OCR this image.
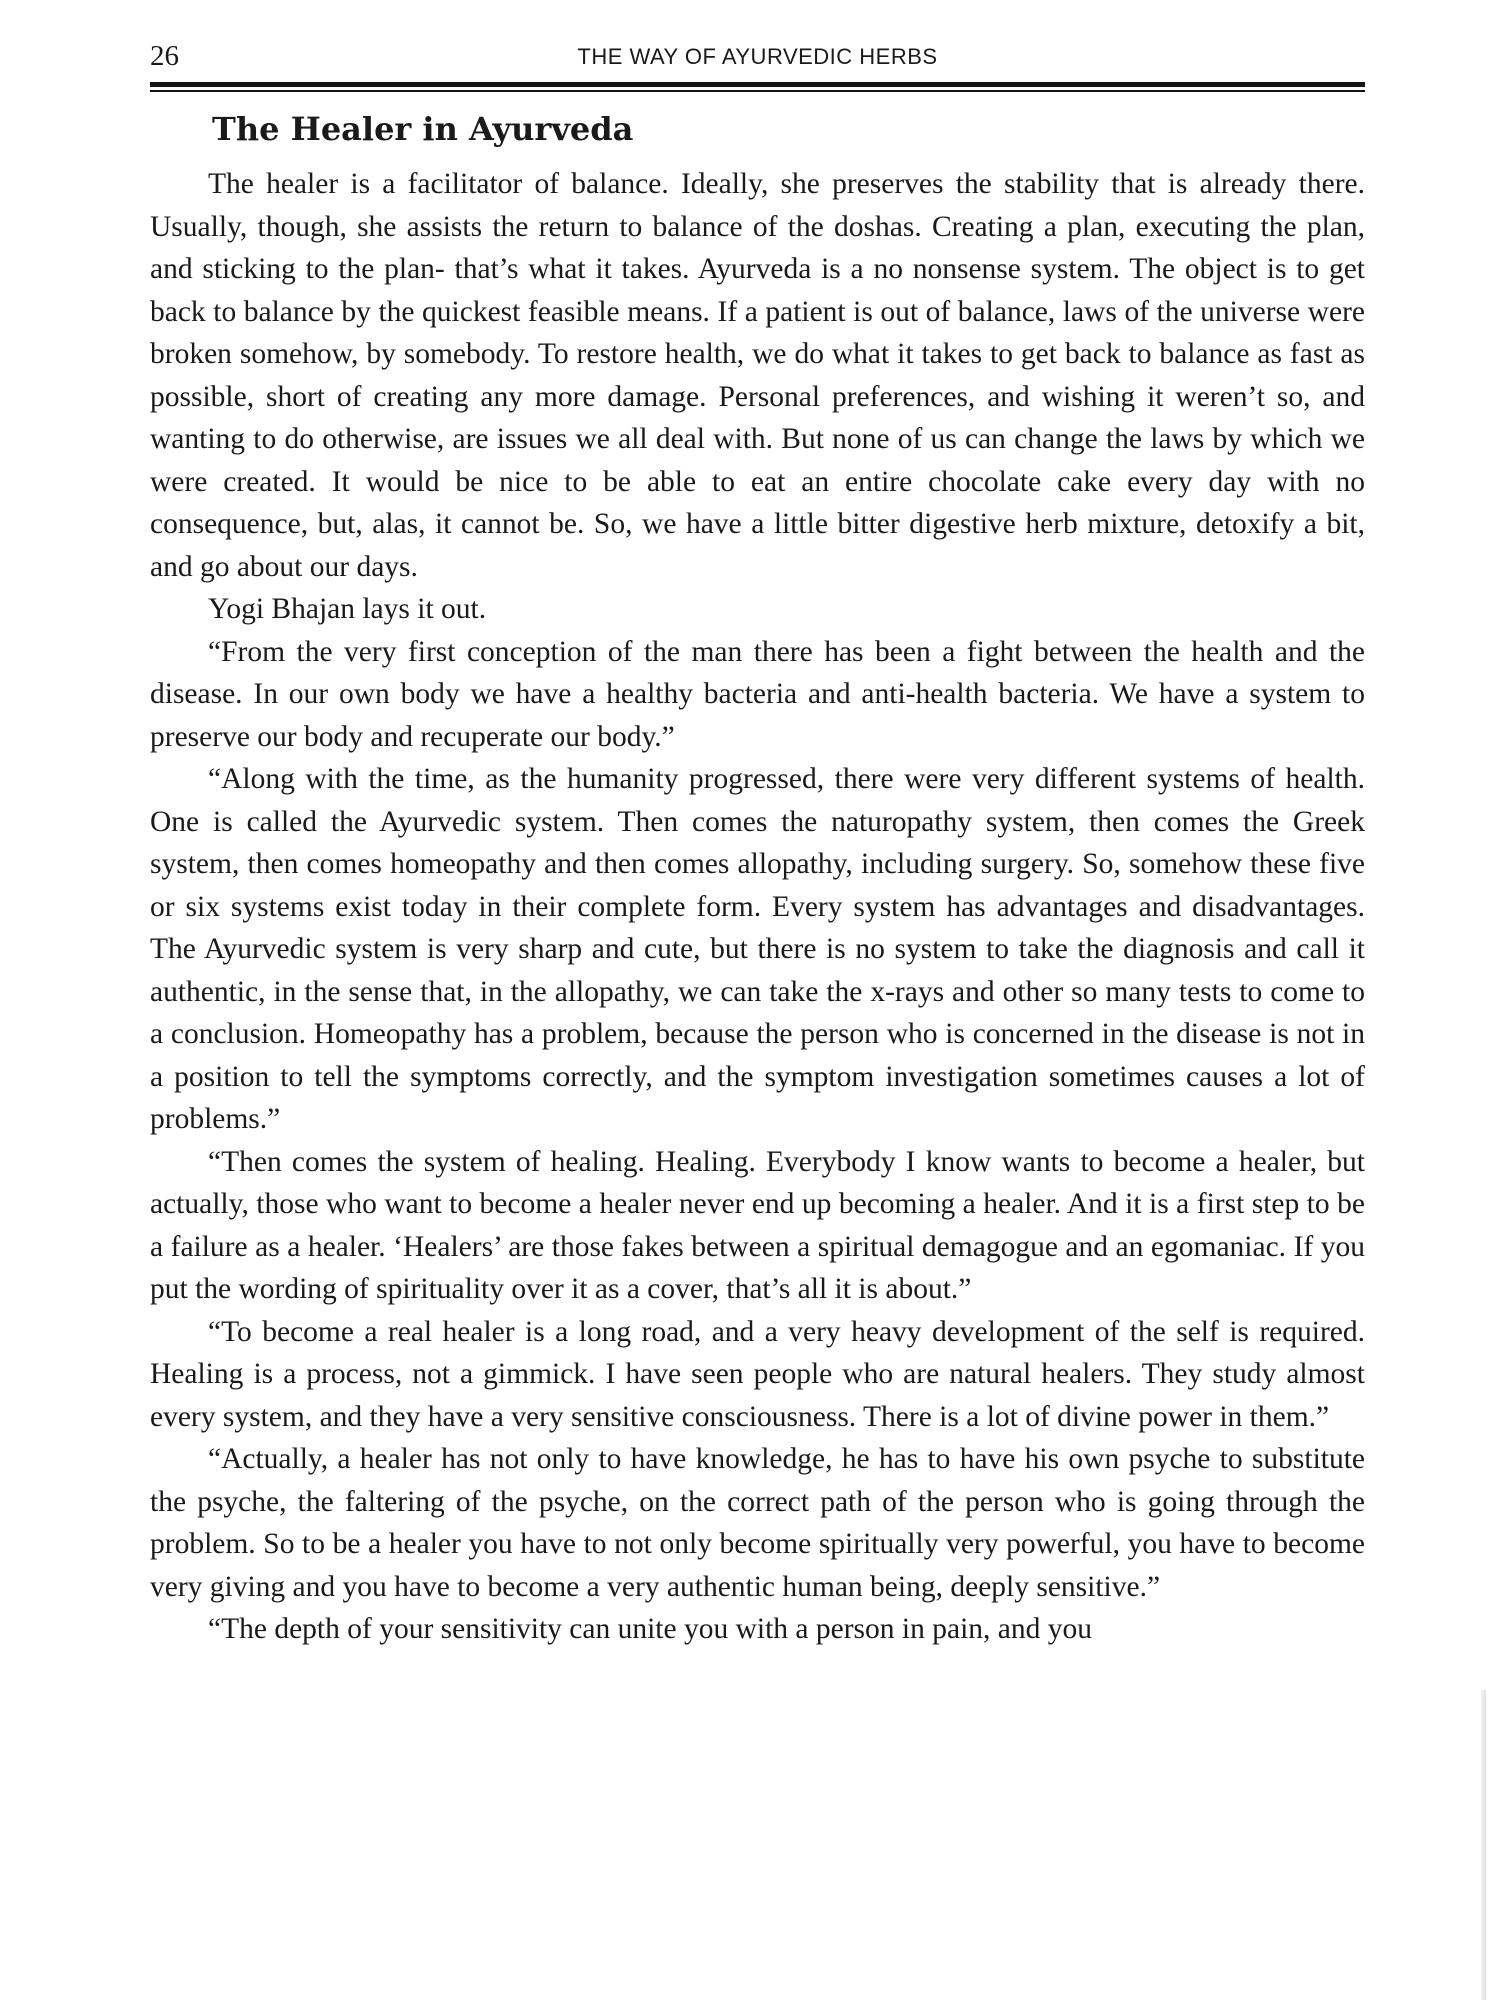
26	THE WAY OF AYURVEDIC HERBS
The Healer in Ayurveda

The healer is a facilitator of balance. Ideally, she preserves the stability that is already there. Usually, though, she assists the return to balance of the doshas. Creating a plan, executing the plan, and sticking to the plan- that’s what it takes. Ayurveda is a no nonsense system. The object is to get back to balance by the quickest feasible means. If a patient is out of balance, laws of the universe were broken somehow, by somebody. To restore health, we do what it takes to get back to balance as fast as possible, short of creating any more damage. Personal preferences, and wishing it weren’t so, and wanting to do otherwise, are issues we all deal with. But none of us can change the laws by which we were created. It would be nice to be able to eat an entire chocolate cake every day with no consequence, but, alas, it cannot be. So, we have a little bitter digestive herb mixture, detoxify a bit, and go about our days.

Yogi Bhajan lays it out.

“From the very first conception of the man there has been a fight between the health and the disease. In our own body we have a healthy bacteria and anti-health bacteria. We have a system to preserve our body and recuperate our body.”

“Along with the time, as the humanity progressed, there were very different systems of health. One is called the Ayurvedic system. Then comes the naturopathy system, then comes the Greek system, then comes homeopathy and then comes allopathy, including surgery. So, somehow these five or six systems exist today in their complete form. Every system has advantages and disadvantages. The Ayurvedic system is very sharp and cute, but there is no system to take the diagnosis and call it authentic, in the sense that, in the allopathy, we can take the x-rays and other so many tests to come to a conclusion. Homeopathy has a problem, because the person who is concerned in the disease is not in a position to tell the symptoms correctly, and the symptom investigation sometimes causes a lot of problems.”

“Then comes the system of healing. Healing. Everybody I know wants to become a healer, but actually, those who want to become a healer never end up becoming a healer. And it is a first step to be a failure as a healer. ‘Healers’ are those fakes between a spiritual demagogue and an egomaniac. If you put the wording of spirituality over it as a cover, that’s all it is about.”

“To become a real healer is a long road, and a very heavy development of the self is required. Healing is a process, not a gimmick. I have seen people who are natural healers. They study almost every system, and they have a very sensitive consciousness. There is a lot of divine power in them.”

“Actually, a healer has not only to have knowledge, he has to have his own psyche to substitute the psyche, the faltering of the psyche, on the correct path of the person who is going through the problem. So to be a healer you have to not only become spiritually very powerful, you have to become very giving and you have to become a very authentic human being, deeply sensitive.”

“The depth of your sensitivity can unite you with a person in pain, and you
